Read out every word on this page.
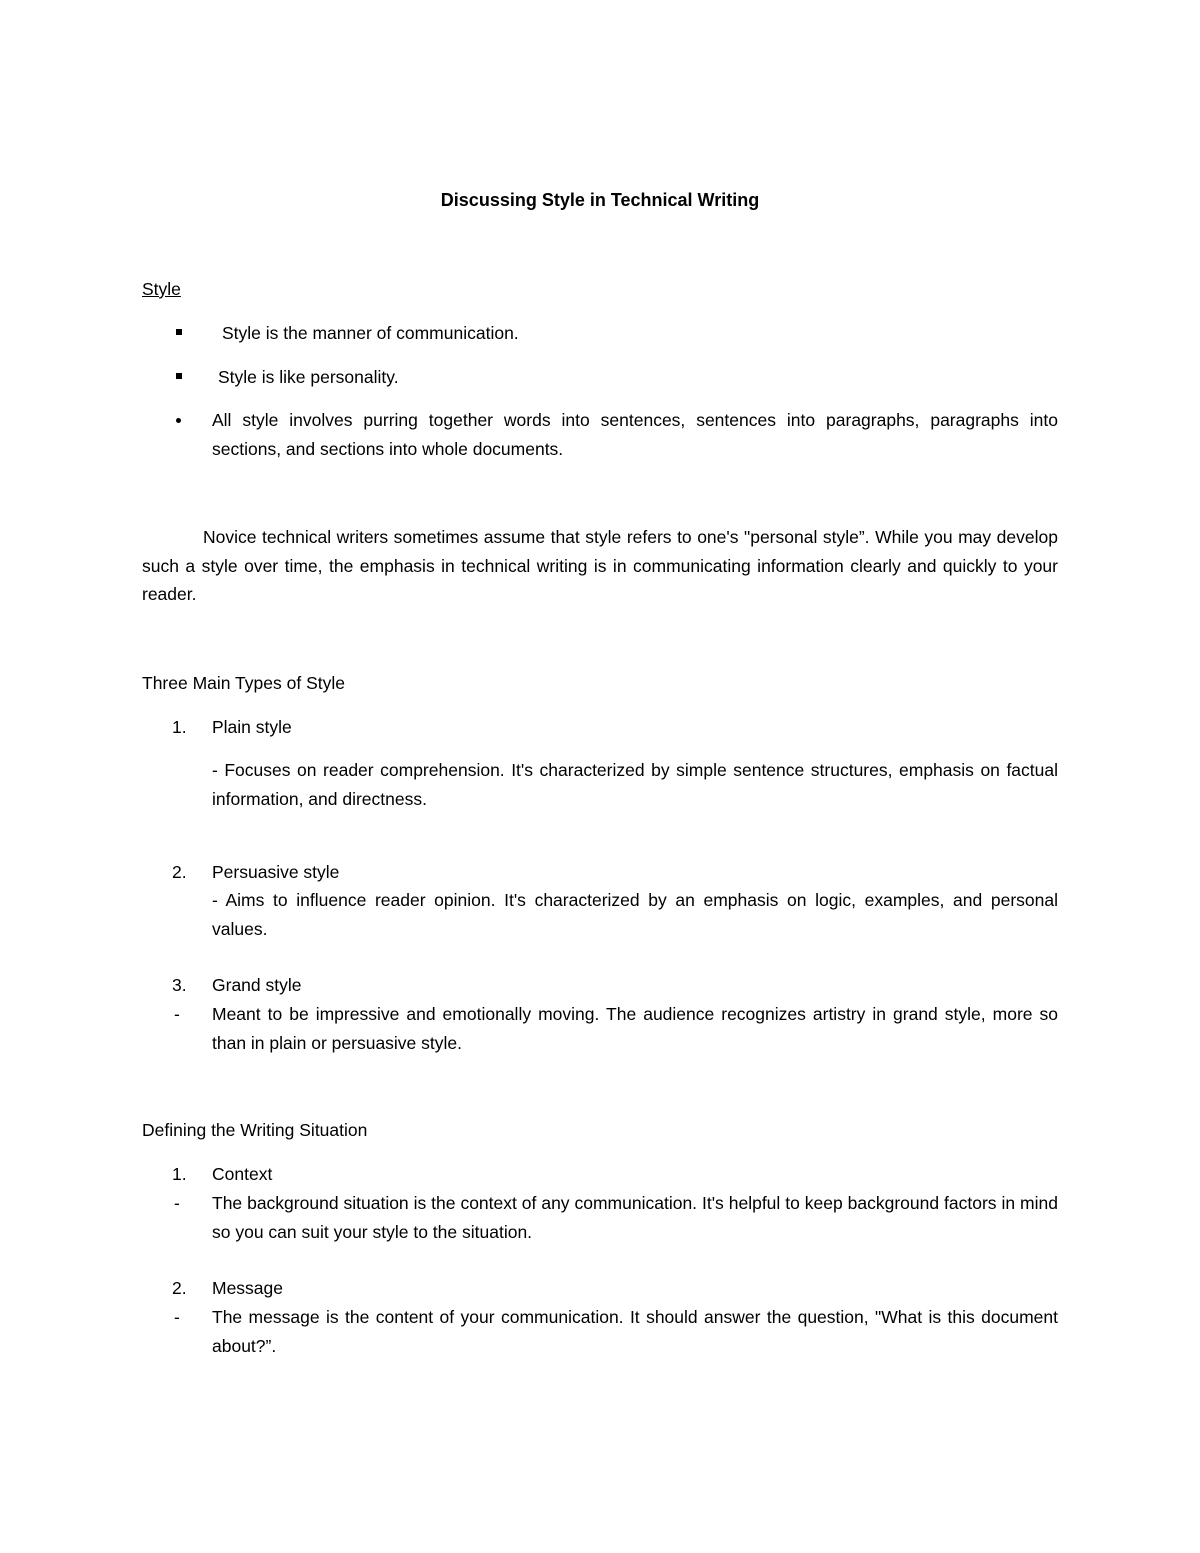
Discussing Style in Technical Writing
Style
Style is the manner of communication.
Style is like personality.
All style involves purring together words into sentences, sentences into paragraphs, paragraphs into sections, and sections into whole documents.
Novice technical writers sometimes assume that style refers to one's "personal style”. While you may develop such a style over time, the emphasis in technical writing is in communicating information clearly and quickly to your reader.
Three Main Types of Style
1. Plain style
- Focuses on reader comprehension. It's characterized by simple sentence structures, emphasis on factual information, and directness.
2. Persuasive style
- Aims to influence reader opinion. It's characterized by an emphasis on logic, examples, and personal values.
3. Grand style
- Meant to be impressive and emotionally moving. The audience recognizes artistry in grand style, more so than in plain or persuasive style.
Defining the Writing Situation
1. Context
- The background situation is the context of any communication. It's helpful to keep background factors in mind so you can suit your style to the situation.
2. Message
- The message is the content of your communication. It should answer the question, "What is this document about?”.
